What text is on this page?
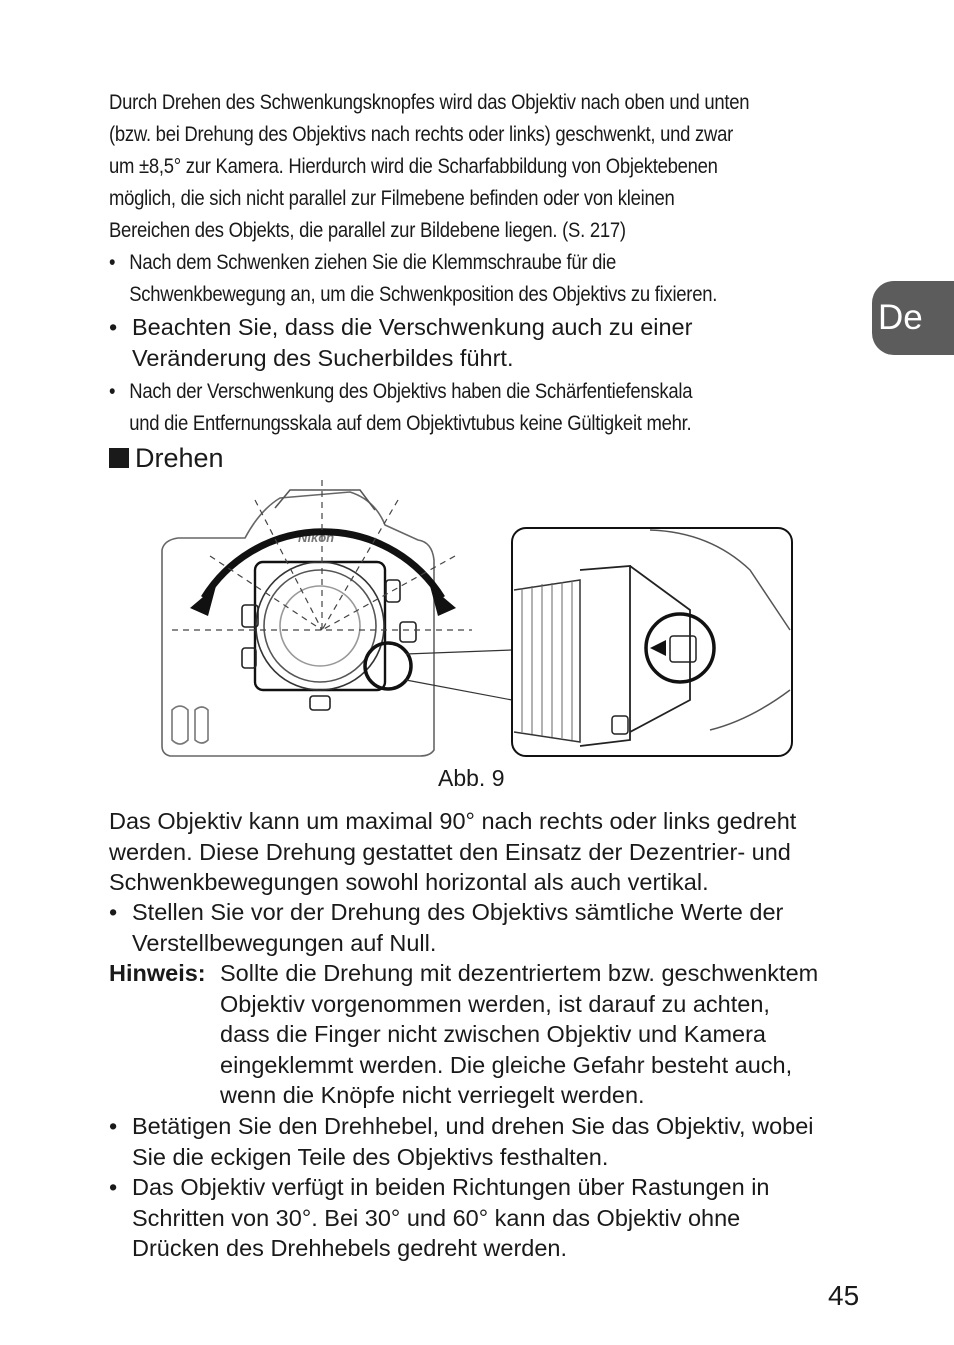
De
Durch Drehen des Schwenkungsknopfes wird das Objektiv nach oben und unten
(bzw. bei Drehung des Objektivs nach rechts oder links) geschwenkt, und zwar
um ±8,5° zur Kamera. Hierdurch wird die Scharfabbildung von Objektebenen
möglich, die sich nicht parallel zur Filmebene befinden oder von kleinen
Bereichen des Objekts, die parallel zur Bildebene liegen. (S. 217)
• Nach dem Schwenken ziehen Sie die Klemmschraube für die
Schwenkbewegung an, um die Schwenkposition des Objektivs zu fixieren.
• Beachten Sie, dass die Verschwenkung auch zu einer
Veränderung des Sucherbildes führt.
• Nach der Verschwenkung des Objektivs haben die Schärfentiefenskala
und die Entfernungsskala auf dem Objektivtubus keine Gültigkeit mehr.
Drehen
Nikon
Abb. 9
Das Objektiv kann um maximal 90° nach rechts oder links gedreht
werden. Diese Drehung gestattet den Einsatz der Dezentrier- und
Schwenkbewegungen sowohl horizontal als auch vertikal.
• Stellen Sie vor der Drehung des Objektivs sämtliche Werte der
Verstellbewegungen auf Null.
Hinweis: Sollte die Drehung mit dezentriertem bzw. geschwenktem
Objektiv vorgenommen werden, ist darauf zu achten,
dass die Finger nicht zwischen Objektiv und Kamera
eingeklemmt werden. Die gleiche Gefahr besteht auch,
wenn die Knöpfe nicht verriegelt werden.
• Betätigen Sie den Drehhebel, und drehen Sie das Objektiv, wobei
Sie die eckigen Teile des Objektivs festhalten.
• Das Objektiv verfügt in beiden Richtungen über Rastungen in
Schritten von 30°. Bei 30° und 60° kann das Objektiv ohne
Drücken des Drehhebels gedreht werden.
45
